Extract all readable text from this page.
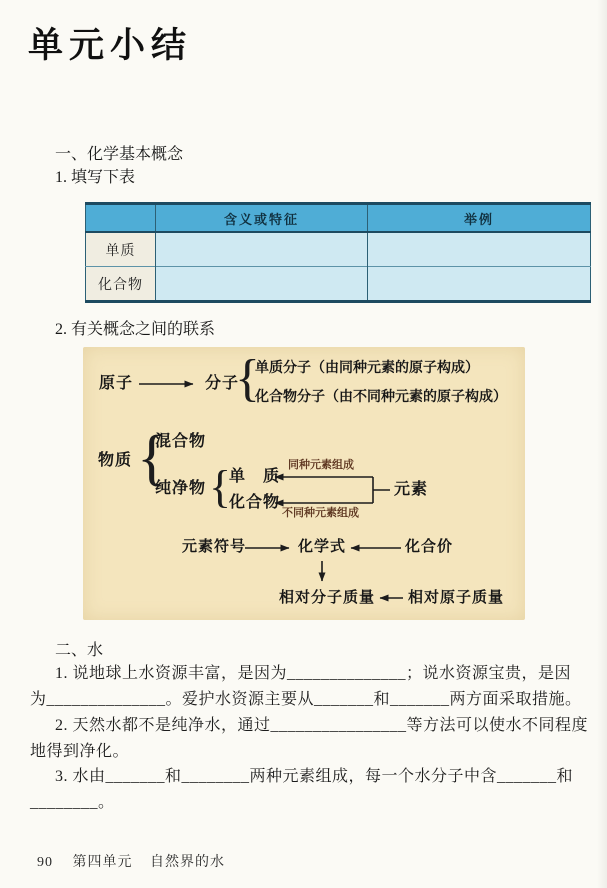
单元小结
一、化学基本概念
1. 填写下表
	含义或特征	举例
单质		
化合物		
2. 有关概念之间的联系
原子	分子
{
单质分子（由同种元素的原子构成）
化合物分子（由不同种元素的原子构成）
物质 {
混合物
纯净物 {
单　质
化合物
同种元素组成
不同种元素组成
元素
元素符号	化学式	化合价
相对分子质量 相对原子质量
二、水
1. 说地球上水资源丰富，是因为______________；说水资源宝贵，是因
为______________。爱护水资源主要从_______和_______两方面采取措施。
2. 天然水都不是纯净水，通过________________等方法可以使水不同程度
地得到净化。
3. 水由_______和________两种元素组成，每一个水分子中含_______和
________。
90 第四单元 自然界的水
